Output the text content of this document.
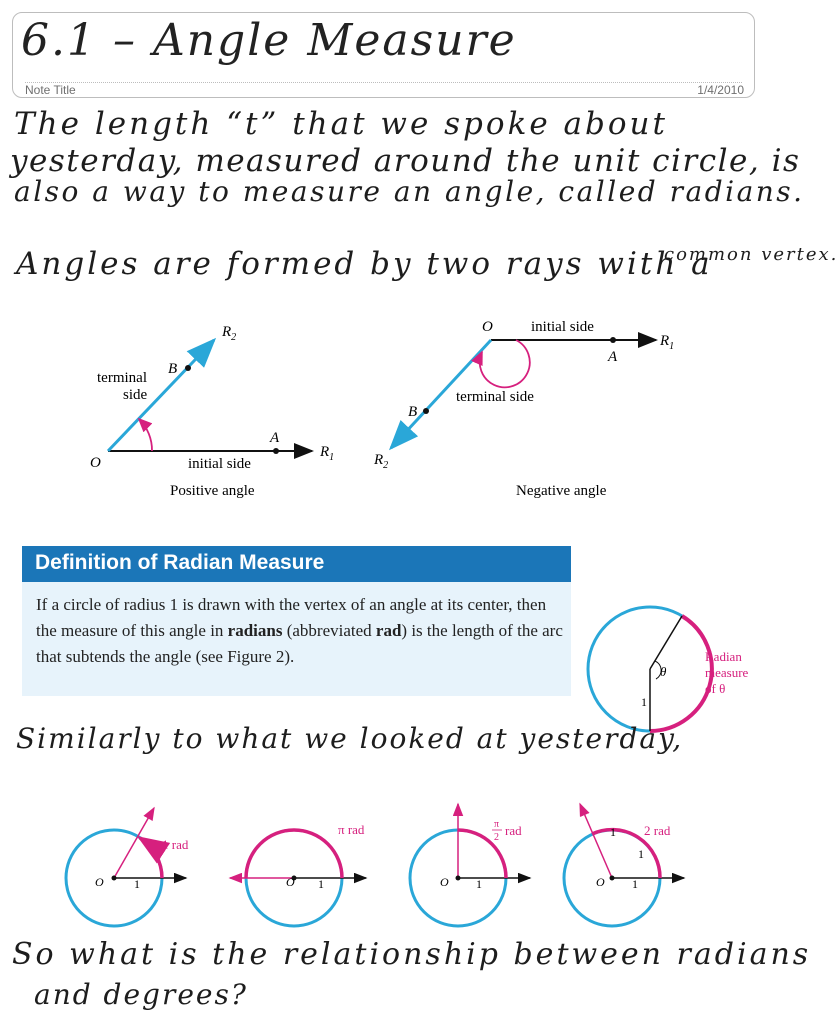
6.1 – Angle Measure
Note Title	1/4/2010
The length “t” that we spoke about
yesterday, measured around the unit circle, is
also a way to measure an angle, called radians.
Angles are formed by two rays with a
common vertex.
$R_2$
B
O
A
$R_1$
terminal
side
initial side
Positive angle
O
A
$R_1$
B
$R_2$
initial side
terminal side
Negative angle
Definition of Radian Measure
If a circle of radius 1 is drawn with the vertex of an angle at its center, then
the measure of this angle in radians (abbreviated rad) is the length of the arc
that subtends the angle (see Figure 2).
θ
1
Radian
measure
of θ
Similarly to what we looked at yesterday,
O	1
1 rad
O 1
π rad
O 1
π
2 rad
O 1
1
1
2 rad
So what is the relationship between radians
and degrees?
